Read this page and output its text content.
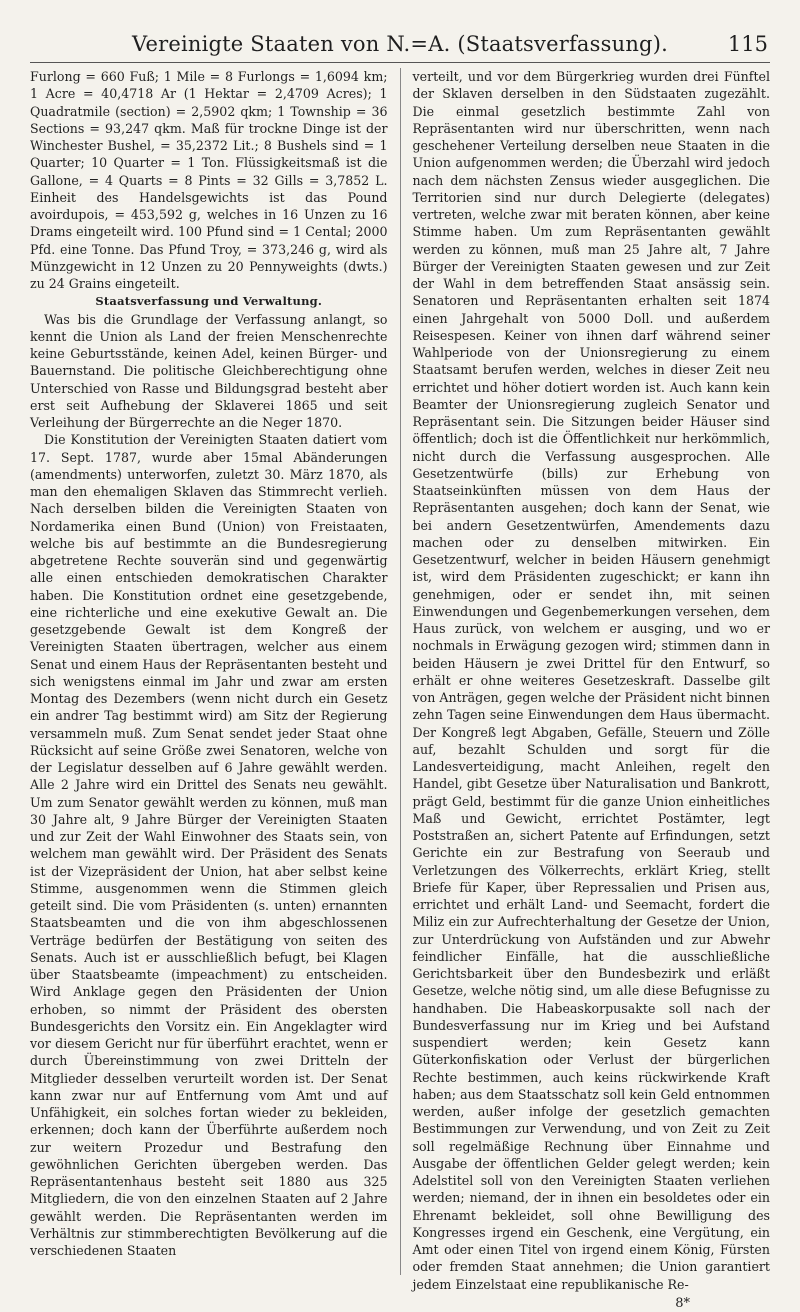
Vereinigte Staaten von N.=A. (Staatsverfassung).	115

Furlong = 660 Fuß; 1 Mile = 8 Furlongs = 1,6094 km; 1 Acre = 40,4718 Ar (1 Hektar = 2,4709 Acres); 1 Quadratmile (section) = 2,5902 qkm; 1 Township = 36 Sections = 93,247 qkm. Maß für trockne Dinge ist der Winchester Bushel, = 35,2372 Lit.; 8 Bushels sind = 1 Quarter; 10 Quarter = 1 Ton. Flüssigkeitsmaß ist die Gallone, = 4 Quarts = 8 Pints = 32 Gills = 3,7852 L. Einheit des Handelsgewichts ist das Pound avoirdupois, = 453,592 g, welches in 16 Unzen zu 16 Drams eingeteilt wird. 100 Pfund sind = 1 Cental; 2000 Pfd. eine Tonne. Das Pfund Troy, = 373,246 g, wird als Münzgewicht in 12 Unzen zu 20 Pennyweights (dwts.) zu 24 Grains eingeteilt.

Staatsverfassung und Verwaltung.

Was bis die Grundlage der Verfassung anlangt, so kennt die Union als Land der freien Menschenrechte keine Geburtsstände, keinen Adel, keinen Bürger- und Bauernstand. Die politische Gleichberechtigung ohne Unterschied von Rasse und Bildungsgrad besteht aber erst seit Aufhebung der Sklaverei 1865 und seit Verleihung der Bürgerrechte an die Neger 1870.

Die Konstitution der Vereinigten Staaten datiert vom 17. Sept. 1787, wurde aber 15mal Abänderungen (amendments) unterworfen, zuletzt 30. März 1870, als man den ehemaligen Sklaven das Stimmrecht verlieh. Nach derselben bilden die Vereinigten Staaten von Nordamerika einen Bund (Union) von Freistaaten, welche bis auf bestimmte an die Bundesregierung abgetretene Rechte souverän sind und gegenwärtig alle einen entschieden demokratischen Charakter haben. Die Konstitution ordnet eine gesetzgebende, eine richterliche und eine exekutive Gewalt an. Die gesetzgebende Gewalt ist dem Kongreß der Vereinigten Staaten übertragen, welcher aus einem Senat und einem Haus der Repräsentanten besteht und sich wenigstens einmal im Jahr und zwar am ersten Montag des Dezembers (wenn nicht durch ein Gesetz ein andrer Tag bestimmt wird) am Sitz der Regierung versammeln muß. Zum Senat sendet jeder Staat ohne Rücksicht auf seine Größe zwei Senatoren, welche von der Legislatur desselben auf 6 Jahre gewählt werden. Alle 2 Jahre wird ein Drittel des Senats neu gewählt. Um zum Senator gewählt werden zu können, muß man 30 Jahre alt, 9 Jahre Bürger der Vereinigten Staaten und zur Zeit der Wahl Einwohner des Staats sein, von welchem man gewählt wird. Der Präsident des Senats ist der Vizepräsident der Union, hat aber selbst keine Stimme, ausgenommen wenn die Stimmen gleich geteilt sind. Die vom Präsidenten (s. unten) ernannten Staatsbeamten und die von ihm abgeschlossenen Verträge bedürfen der Bestätigung von seiten des Senats. Auch ist er ausschließlich befugt, bei Klagen über Staatsbeamte (impeachment) zu entscheiden. Wird Anklage gegen den Präsidenten der Union erhoben, so nimmt der Präsident des obersten Bundesgerichts den Vorsitz ein. Ein Angeklagter wird vor diesem Gericht nur für überführt erachtet, wenn er durch Übereinstimmung von zwei Dritteln der Mitglieder desselben verurteilt worden ist. Der Senat kann zwar nur auf Entfernung vom Amt und auf Unfähigkeit, ein solches fortan wieder zu bekleiden, erkennen; doch kann der Überführte außerdem noch zur weitern Prozedur und Bestrafung den gewöhnlichen Gerichten übergeben werden. Das Repräsentantenhaus besteht seit 1880 aus 325 Mitgliedern, die von den einzelnen Staaten auf 2 Jahre gewählt werden. Die Repräsentanten werden im Verhältnis zur stimmberechtigten Bevölkerung auf die verschiedenen Staaten

verteilt, und vor dem Bürgerkrieg wurden drei Fünftel der Sklaven derselben in den Südstaaten zugezählt. Die einmal gesetzlich bestimmte Zahl von Repräsentanten wird nur überschritten, wenn nach geschehener Verteilung derselben neue Staaten in die Union aufgenommen werden; die Überzahl wird jedoch nach dem nächsten Zensus wieder ausgeglichen. Die Territorien sind nur durch Delegierte (delegates) vertreten, welche zwar mit beraten können, aber keine Stimme haben. Um zum Repräsentanten gewählt werden zu können, muß man 25 Jahre alt, 7 Jahre Bürger der Vereinigten Staaten gewesen und zur Zeit der Wahl in dem betreffenden Staat ansässig sein. Senatoren und Repräsentanten erhalten seit 1874 einen Jahrgehalt von 5000 Doll. und außerdem Reisespesen. Keiner von ihnen darf während seiner Wahlperiode von der Unionsregierung zu einem Staatsamt berufen werden, welches in dieser Zeit neu errichtet und höher dotiert worden ist. Auch kann kein Beamter der Unionsregierung zugleich Senator und Repräsentant sein. Die Sitzungen beider Häuser sind öffentlich; doch ist die Öffentlichkeit nur herkömmlich, nicht durch die Verfassung ausgesprochen. Alle Gesetzentwürfe (bills) zur Erhebung von Staatseinkünften müssen von dem Haus der Repräsentanten ausgehen; doch kann der Senat, wie bei andern Gesetzentwürfen, Amendements dazu machen oder zu denselben mitwirken. Ein Gesetzentwurf, welcher in beiden Häusern genehmigt ist, wird dem Präsidenten zugeschickt; er kann ihn genehmigen, oder er sendet ihn, mit seinen Einwendungen und Gegenbemerkungen versehen, dem Haus zurück, von welchem er ausging, und wo er nochmals in Erwägung gezogen wird; stimmen dann in beiden Häusern je zwei Drittel für den Entwurf, so erhält er ohne weiteres Gesetzeskraft. Dasselbe gilt von Anträgen, gegen welche der Präsident nicht binnen zehn Tagen seine Einwendungen dem Haus übermacht. Der Kongreß legt Abgaben, Gefälle, Steuern und Zölle auf, bezahlt Schulden und sorgt für die Landesverteidigung, macht Anleihen, regelt den Handel, gibt Gesetze über Naturalisation und Bankrott, prägt Geld, bestimmt für die ganze Union einheitliches Maß und Gewicht, errichtet Postämter, legt Poststraßen an, sichert Patente auf Erfindungen, setzt Gerichte ein zur Bestrafung von Seeraub und Verletzungen des Völkerrechts, erklärt Krieg, stellt Briefe für Kaper, über Repressalien und Prisen aus, errichtet und erhält Land- und Seemacht, fordert die Miliz ein zur Aufrechterhaltung der Gesetze der Union, zur Unterdrückung von Aufständen und zur Abwehr feindlicher Einfälle, hat die ausschließliche Gerichtsbarkeit über den Bundesbezirk und erläßt Gesetze, welche nötig sind, um alle diese Befugnisse zu handhaben. Die Habeaskorpusakte soll nach der Bundesverfassung nur im Krieg und bei Aufstand suspendiert werden; kein Gesetz kann Güterkonfiskation oder Verlust der bürgerlichen Rechte bestimmen, auch keins rückwirkende Kraft haben; aus dem Staatsschatz soll kein Geld entnommen werden, außer infolge der gesetzlich gemachten Bestimmungen zur Verwendung, und von Zeit zu Zeit soll regelmäßige Rechnung über Einnahme und Ausgabe der öffentlichen Gelder gelegt werden; kein Adelstitel soll von den Vereinigten Staaten verliehen werden; niemand, der in ihnen ein besoldetes oder ein Ehrenamt bekleidet, soll ohne Bewilligung des Kongresses irgend ein Geschenk, eine Vergütung, ein Amt oder einen Titel von irgend einem König, Fürsten oder fremden Staat annehmen; die Union garantiert jedem Einzelstaat eine republikanische Re-

8*
